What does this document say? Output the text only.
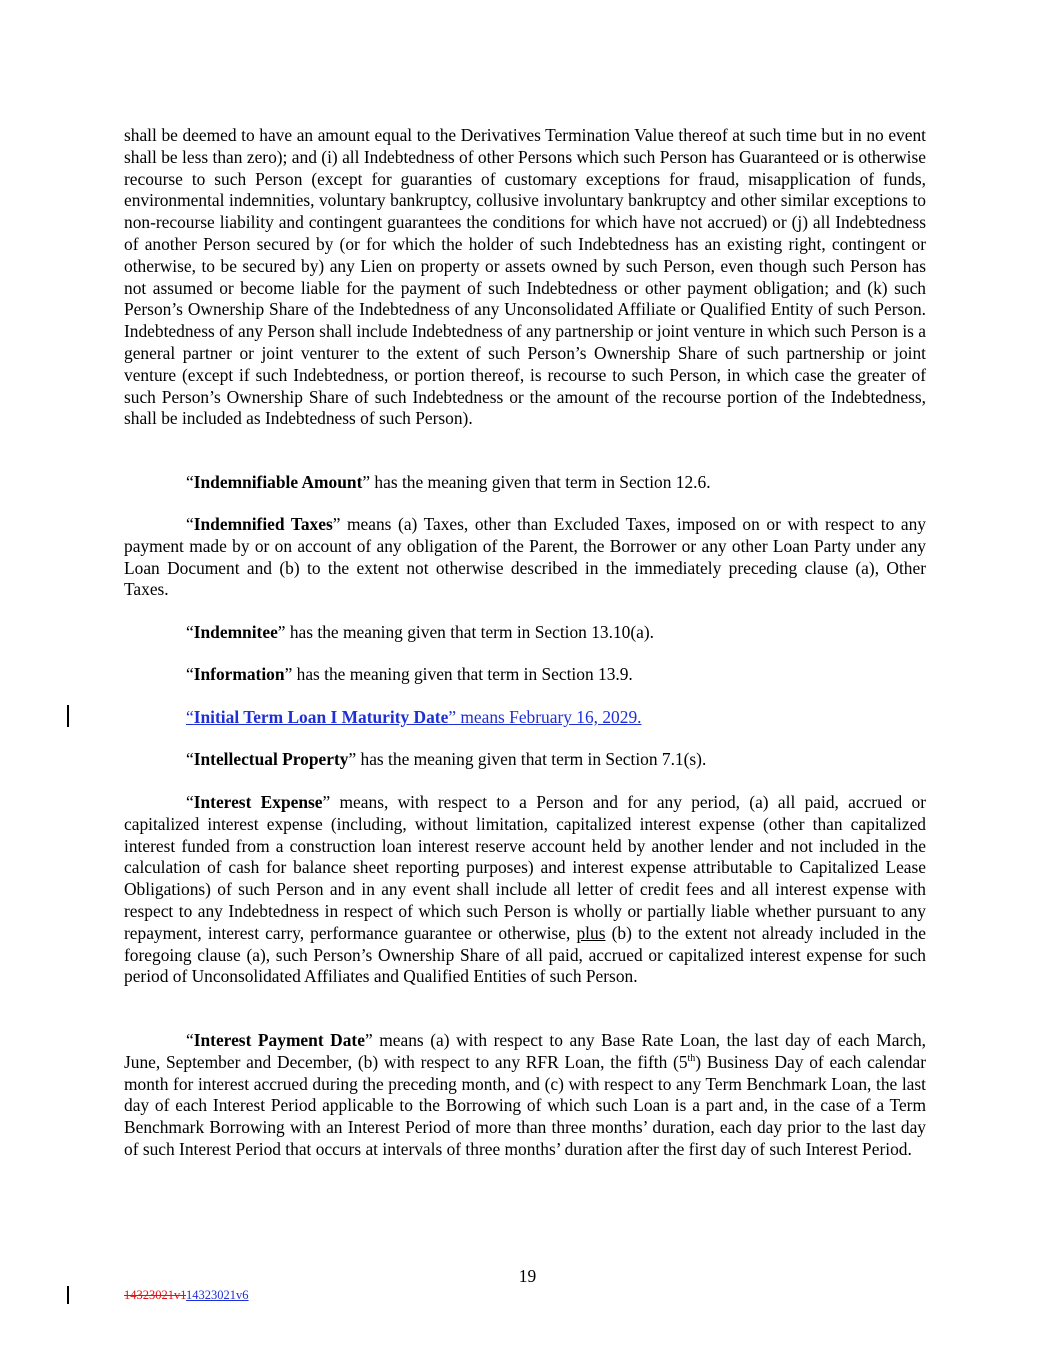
shall be deemed to have an amount equal to the Derivatives Termination Value thereof at such time but in no event shall be less than zero); and (i) all Indebtedness of other Persons which such Person has Guaranteed or is otherwise recourse to such Person (except for guaranties of customary exceptions for fraud, misapplication of funds, environmental indemnities, voluntary bankruptcy, collusive involuntary bankruptcy and other similar exceptions to non-recourse liability and contingent guarantees the conditions for which have not accrued) or (j) all Indebtedness of another Person secured by (or for which the holder of such Indebtedness has an existing right, contingent or otherwise, to be secured by) any Lien on property or assets owned by such Person, even though such Person has not assumed or become liable for the payment of such Indebtedness or other payment obligation; and (k) such Person’s Ownership Share of the Indebtedness of any Unconsolidated Affiliate or Qualified Entity of such Person. Indebtedness of any Person shall include Indebtedness of any partnership or joint venture in which such Person is a general partner or joint venturer to the extent of such Person’s Ownership Share of such partnership or joint venture (except if such Indebtedness, or portion thereof, is recourse to such Person, in which case the greater of such Person’s Ownership Share of such Indebtedness or the amount of the recourse portion of the Indebtedness, shall be included as Indebtedness of such Person).

“Indemnifiable Amount” has the meaning given that term in Section 12.6.

“Indemnified Taxes” means (a) Taxes, other than Excluded Taxes, imposed on or with respect to any payment made by or on account of any obligation of the Parent, the Borrower or any other Loan Party under any Loan Document and (b) to the extent not otherwise described in the immediately preceding clause (a), Other Taxes.

“Indemnitee” has the meaning given that term in Section 13.10(a).

“Information” has the meaning given that term in Section 13.9.

“Initial Term Loan I Maturity Date” means February 16, 2029.

“Intellectual Property” has the meaning given that term in Section 7.1(s).

“Interest Expense” means, with respect to a Person and for any period, (a) all paid, accrued or capitalized interest expense (including, without limitation, capitalized interest expense (other than capitalized interest funded from a construction loan interest reserve account held by another lender and not included in the calculation of cash for balance sheet reporting purposes) and interest expense attributable to Capitalized Lease Obligations) of such Person and in any event shall include all letter of credit fees and all interest expense with respect to any Indebtedness in respect of which such Person is wholly or partially liable whether pursuant to any repayment, interest carry, performance guarantee or otherwise, plus (b) to the extent not already included in the foregoing clause (a), such Person’s Ownership Share of all paid, accrued or capitalized interest expense for such period of Unconsolidated Affiliates and Qualified Entities of such Person.

“Interest Payment Date” means (a) with respect to any Base Rate Loan, the last day of each March, June, September and December, (b) with respect to any RFR Loan, the fifth (5th) Business Day of each calendar month for interest accrued during the preceding month, and (c) with respect to any Term Benchmark Loan, the last day of each Interest Period applicable to the Borrowing of which such Loan is a part and, in the case of a Term Benchmark Borrowing with an Interest Period of more than three months’ duration, each day prior to the last day of such Interest Period that occurs at intervals of three months’ duration after the first day of such Interest Period.

19
14323021v114323021v6
